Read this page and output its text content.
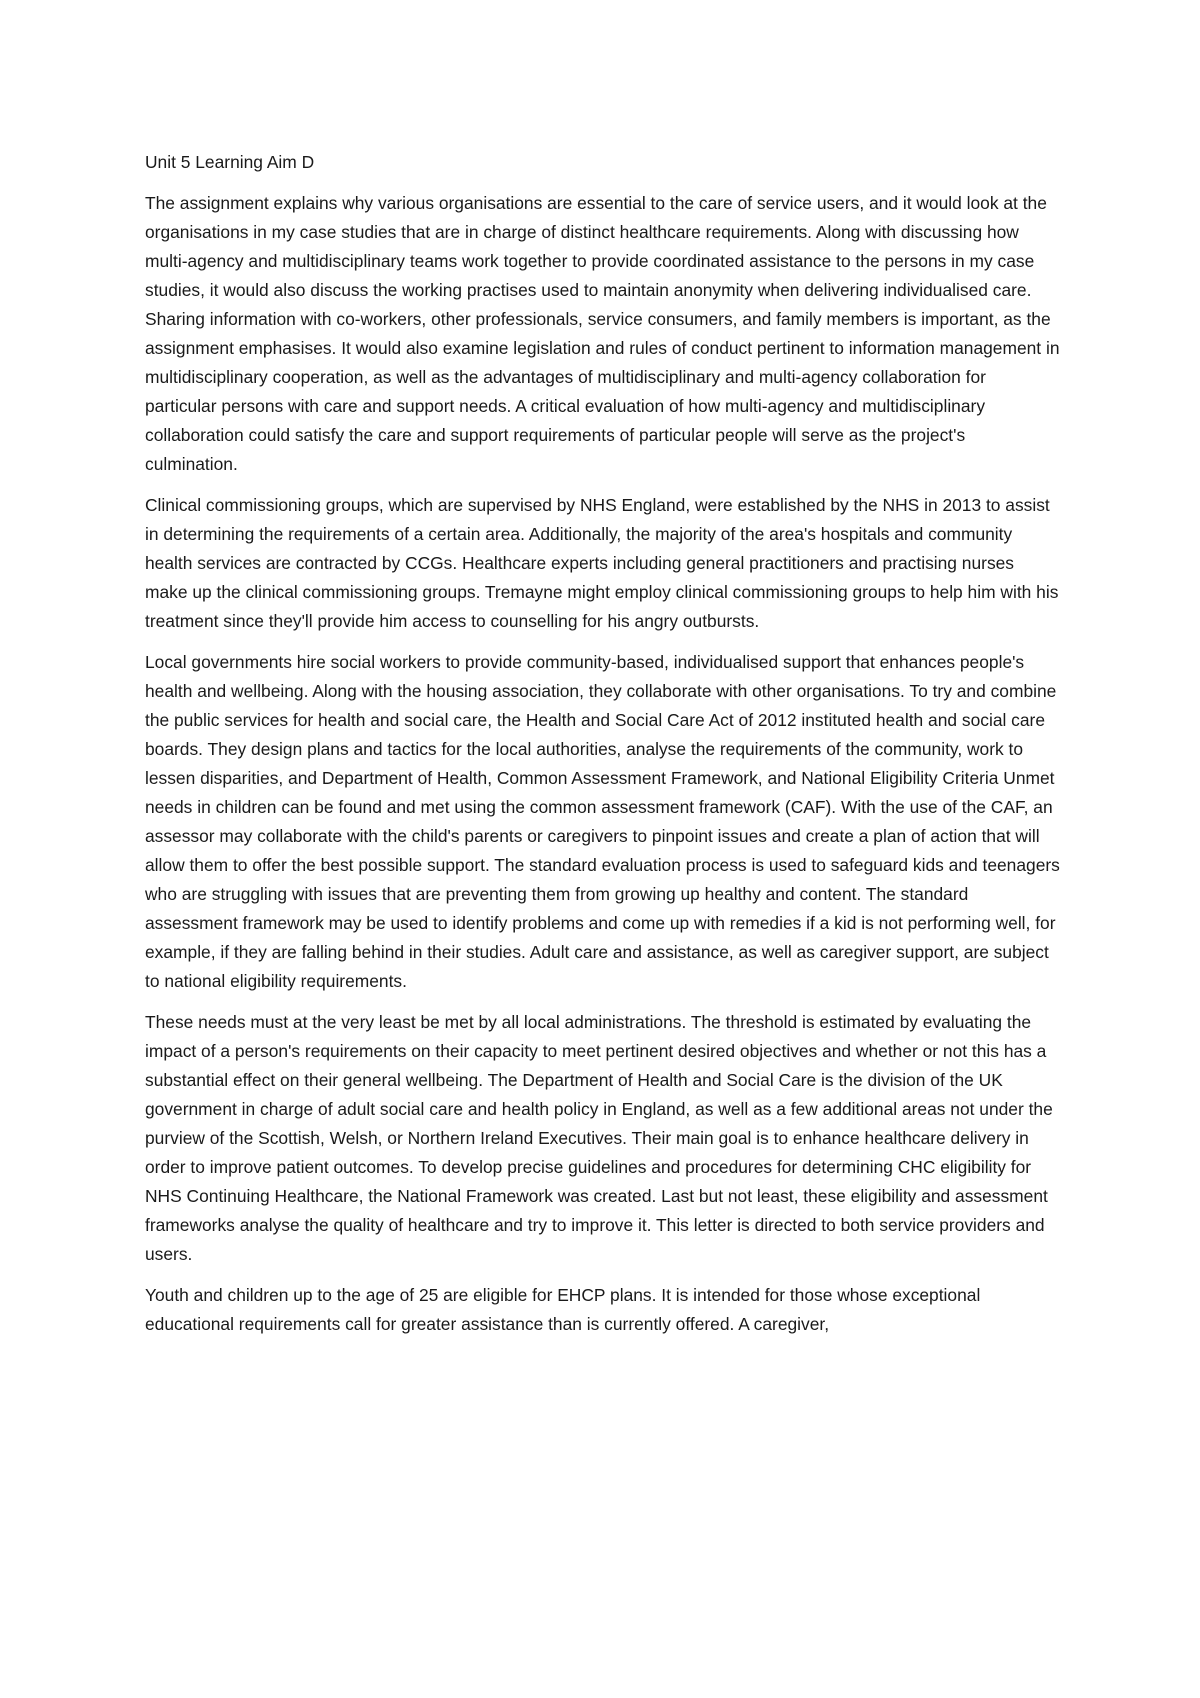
Unit 5 Learning Aim D

The assignment explains why various organisations are essential to the care of service users, and it would look at the organisations in my case studies that are in charge of distinct healthcare requirements. Along with discussing how multi-agency and multidisciplinary teams work together to provide coordinated assistance to the persons in my case studies, it would also discuss the working practises used to maintain anonymity when delivering individualised care. Sharing information with co-workers, other professionals, service consumers, and family members is important, as the assignment emphasises. It would also examine legislation and rules of conduct pertinent to information management in multidisciplinary cooperation, as well as the advantages of multidisciplinary and multi-agency collaboration for particular persons with care and support needs. A critical evaluation of how multi-agency and multidisciplinary collaboration could satisfy the care and support requirements of particular people will serve as the project's culmination.

Clinical commissioning groups, which are supervised by NHS England, were established by the NHS in 2013 to assist in determining the requirements of a certain area. Additionally, the majority of the area's hospitals and community health services are contracted by CCGs. Healthcare experts including general practitioners and practising nurses make up the clinical commissioning groups. Tremayne might employ clinical commissioning groups to help him with his treatment since they'll provide him access to counselling for his angry outbursts.

Local governments hire social workers to provide community-based, individualised support that enhances people's health and wellbeing. Along with the housing association, they collaborate with other organisations. To try and combine the public services for health and social care, the Health and Social Care Act of 2012 instituted health and social care boards. They design plans and tactics for the local authorities, analyse the requirements of the community, work to lessen disparities, and Department of Health, Common Assessment Framework, and National Eligibility Criteria Unmet needs in children can be found and met using the common assessment framework (CAF). With the use of the CAF, an assessor may collaborate with the child's parents or caregivers to pinpoint issues and create a plan of action that will allow them to offer the best possible support. The standard evaluation process is used to safeguard kids and teenagers who are struggling with issues that are preventing them from growing up healthy and content. The standard assessment framework may be used to identify problems and come up with remedies if a kid is not performing well, for example, if they are falling behind in their studies. Adult care and assistance, as well as caregiver support, are subject to national eligibility requirements.

These needs must at the very least be met by all local administrations. The threshold is estimated by evaluating the impact of a person's requirements on their capacity to meet pertinent desired objectives and whether or not this has a substantial effect on their general wellbeing. The Department of Health and Social Care is the division of the UK government in charge of adult social care and health policy in England, as well as a few additional areas not under the purview of the Scottish, Welsh, or Northern Ireland Executives. Their main goal is to enhance healthcare delivery in order to improve patient outcomes. To develop precise guidelines and procedures for determining CHC eligibility for NHS Continuing Healthcare, the National Framework was created. Last but not least, these eligibility and assessment frameworks analyse the quality of healthcare and try to improve it. This letter is directed to both service providers and users.

Youth and children up to the age of 25 are eligible for EHCP plans. It is intended for those whose exceptional educational requirements call for greater assistance than is currently offered. A caregiver,
